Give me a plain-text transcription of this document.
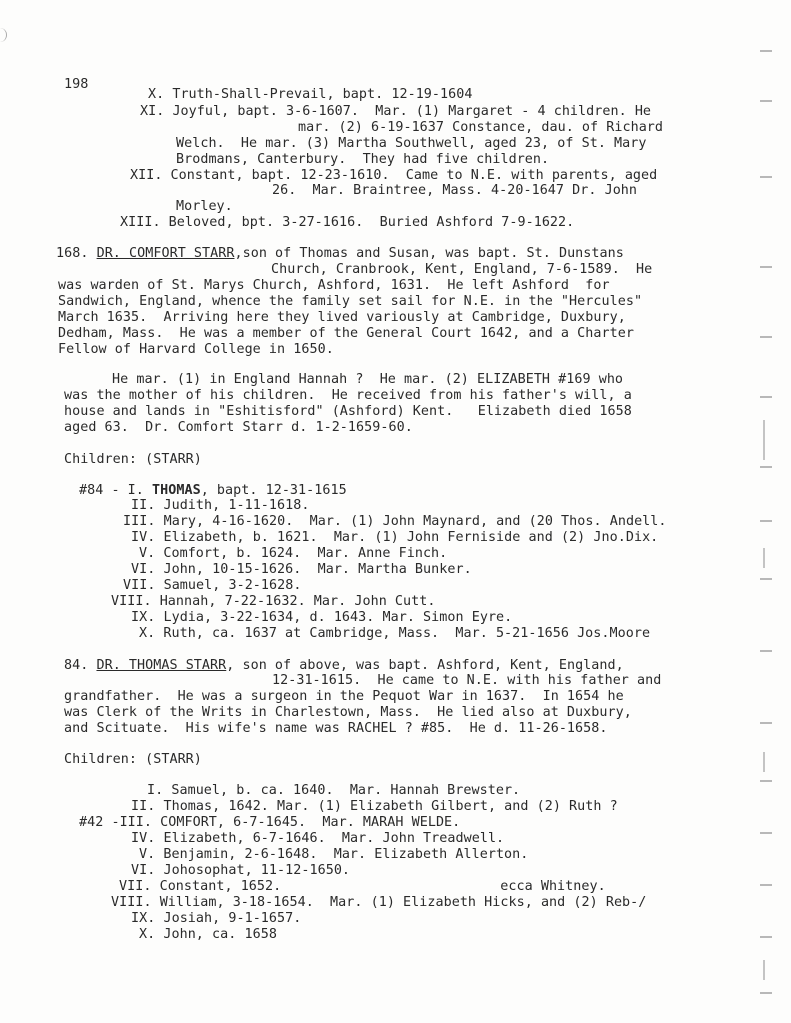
198
X. Truth-Shall-Prevail, bapt. 12-19-1604
XI. Joyful, bapt. 3-6-1607.  Mar. (1) Margaret - 4 children. He
mar. (2) 6-19-1637 Constance, dau. of Richard
Welch.  He mar. (3) Martha Southwell, aged 23, of St. Mary
Brodmans, Canterbury.  They had five children.
XII. Constant, bapt. 12-23-1610.  Came to N.E. with parents, aged
26.  Mar. Braintree, Mass. 4-20-1647 Dr. John
Morley.
XIII. Beloved, bpt. 3-27-1616.  Buried Ashford 7-9-1622.
168. DR. COMFORT STARR,son of Thomas and Susan, was bapt. St. Dunstans
Church, Cranbrook, Kent, England, 7-6-1589.  He
was warden of St. Marys Church, Ashford, 1631.  He left Ashford  for
Sandwich, England, whence the family set sail for N.E. in the "Hercules"
March 1635.  Arriving here they lived variously at Cambridge, Duxbury,
Dedham, Mass.  He was a member of the General Court 1642, and a Charter
Fellow of Harvard College in 1650.
He mar. (1) in England Hannah ?  He mar. (2) ELIZABETH #169 who
was the mother of his children.  He received from his father's will, a
house and lands in "Eshitisford" (Ashford) Kent.   Elizabeth died 1658
aged 63.  Dr. Comfort Starr d. 1-2-1659-60.
Children: (STARR)
#84 - I. THOMAS, bapt. 12-31-1615
II. Judith, 1-11-1618.
III. Mary, 4-16-1620.  Mar. (1) John Maynard, and (20 Thos. Andell.
IV. Elizabeth, b. 1621.  Mar. (1) John Ferniside and (2) Jno.Dix.
V. Comfort, b. 1624.  Mar. Anne Finch.
VI. John, 10-15-1626.  Mar. Martha Bunker.
VII. Samuel, 3-2-1628.
VIII. Hannah, 7-22-1632. Mar. John Cutt.
IX. Lydia, 3-22-1634, d. 1643. Mar. Simon Eyre.
X. Ruth, ca. 1637 at Cambridge, Mass.  Mar. 5-21-1656 Jos.Moore
84. DR. THOMAS STARR, son of above, was bapt. Ashford, Kent, England,
12-31-1615.  He came to N.E. with his father and
grandfather.  He was a surgeon in the Pequot War in 1637.  In 1654 he
was Clerk of the Writs in Charlestown, Mass.  He lied also at Duxbury,
and Scituate.  His wife's name was RACHEL ? #85.  He d. 11-26-1658.
Children: (STARR)
I. Samuel, b. ca. 1640.  Mar. Hannah Brewster.
II. Thomas, 1642. Mar. (1) Elizabeth Gilbert, and (2) Ruth ?
#42 -III. COMFORT, 6-7-1645.  Mar. MARAH WELDE.
IV. Elizabeth, 6-7-1646.  Mar. John Treadwell.
V. Benjamin, 2-6-1648.  Mar. Elizabeth Allerton.
VI. Johosophat, 11-12-1650.
VII. Constant, 1652.                           ecca Whitney.
VIII. William, 3-18-1654.  Mar. (1) Elizabeth Hicks, and (2) Reb-/
IX. Josiah, 9-1-1657.
X. John, ca. 1658
